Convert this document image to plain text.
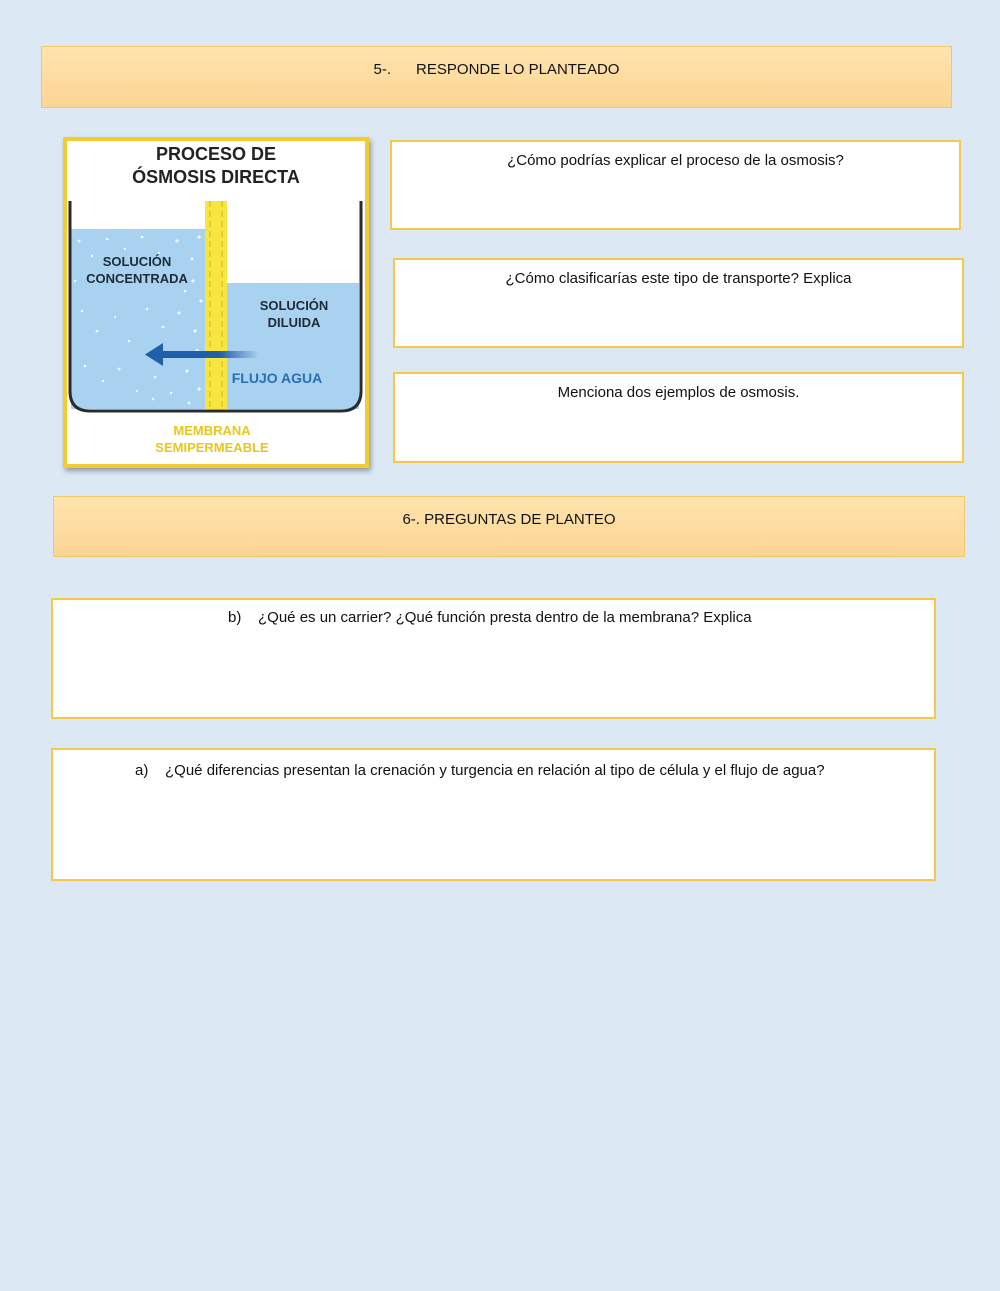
5-.      RESPONDE LO PLANTEADO
PROCESO DE
ÓSMOSIS DIRECTA
SOLUCIÓN
CONCENTRADA
SOLUCIÓN
DILUIDA
FLUJO AGUA
MEMBRANA
SEMIPERMEABLE
¿Cómo podrías explicar el proceso de la osmosis?
¿Cómo clasificarías este tipo de transporte? Explica
Menciona dos ejemplos de osmosis.
6-. PREGUNTAS DE PLANTEO
b)    ¿Qué es un carrier? ¿Qué función presta dentro de la membrana? Explica
a)    ¿Qué diferencias presentan la crenación y turgencia en relación al tipo de célula y el flujo de agua?
